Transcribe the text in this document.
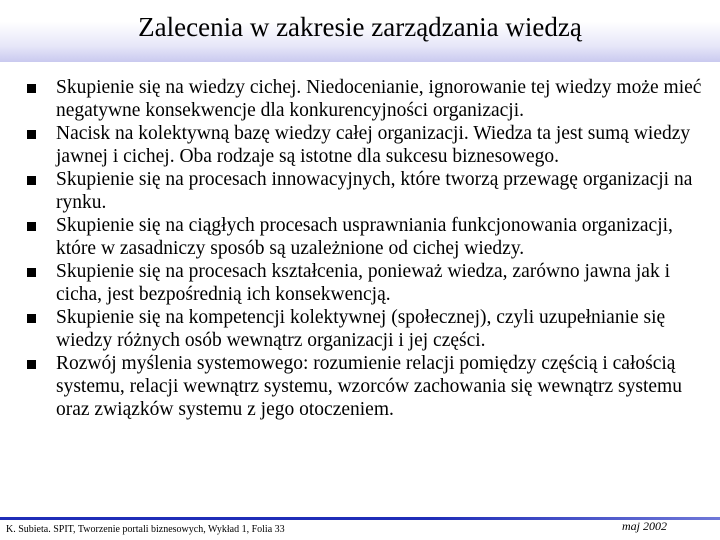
Zalecenia w zakresie zarządzania wiedzą
Skupienie się na wiedzy cichej. Niedocenianie, ignorowanie tej wiedzy może mieć negatywne konsekwencje dla konkurencyjności organizacji.
Nacisk na kolektywną bazę wiedzy całej organizacji. Wiedza ta jest sumą wiedzy jawnej i cichej. Oba rodzaje są istotne dla sukcesu biznesowego.
Skupienie się na procesach innowacyjnych, które tworzą przewagę organizacji na rynku.
Skupienie się na ciągłych procesach usprawniania funkcjonowania organizacji, które w zasadniczy sposób są uzależnione od cichej wiedzy.
Skupienie się na procesach kształcenia, ponieważ wiedza, zarówno jawna jak i cicha, jest bezpośrednią ich konsekwencją.
Skupienie się na kompetencji kolektywnej (społecznej), czyli uzupełnianie się wiedzy różnych osób wewnątrz organizacji i jej części.
Rozwój myślenia systemowego: rozumienie relacji pomiędzy częścią i całością systemu, relacji wewnątrz systemu, wzorców zachowania się wewnątrz systemu oraz związków systemu z jego otoczeniem.
K. Subieta. SPIT, Tworzenie portali biznesowych, Wykład 1, Folia 33	maj 2002
